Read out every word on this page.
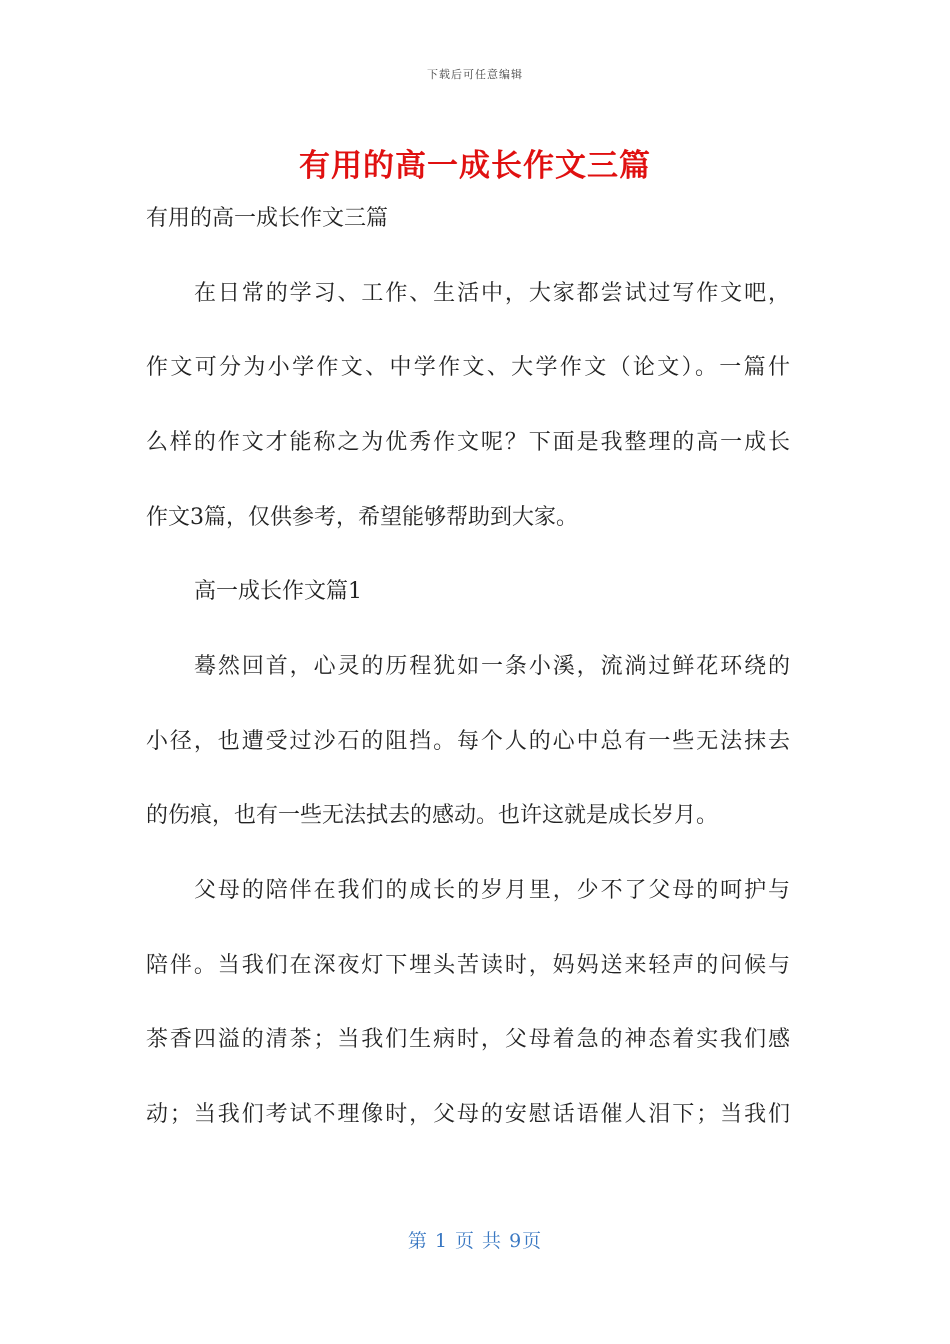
下载后可任意编辑
有用的高一成长作文三篇
有用的高一成长作文三篇
在日常的学习、工作、生活中，大家都尝试过写作文吧，
作文可分为小学作文、中学作文、大学作文（论文）。一篇什
么样的作文才能称之为优秀作文呢？下面是我整理的高一成长
作文3篇，仅供参考，希望能够帮助到大家。
高一成长作文篇1
蓦然回首，心灵的历程犹如一条小溪，流淌过鲜花环绕的
小径，也遭受过沙石的阻挡。每个人的心中总有一些无法抹去
的伤痕，也有一些无法拭去的感动。也许这就是成长岁月。
父母的陪伴在我们的成长的岁月里，少不了父母的呵护与
陪伴。当我们在深夜灯下埋头苦读时，妈妈送来轻声的问候与
茶香四溢的清茶；当我们生病时，父母着急的神态着实我们感
动；当我们考试不理像时，父母的安慰话语催人泪下；当我们
第 1 页 共 9页
